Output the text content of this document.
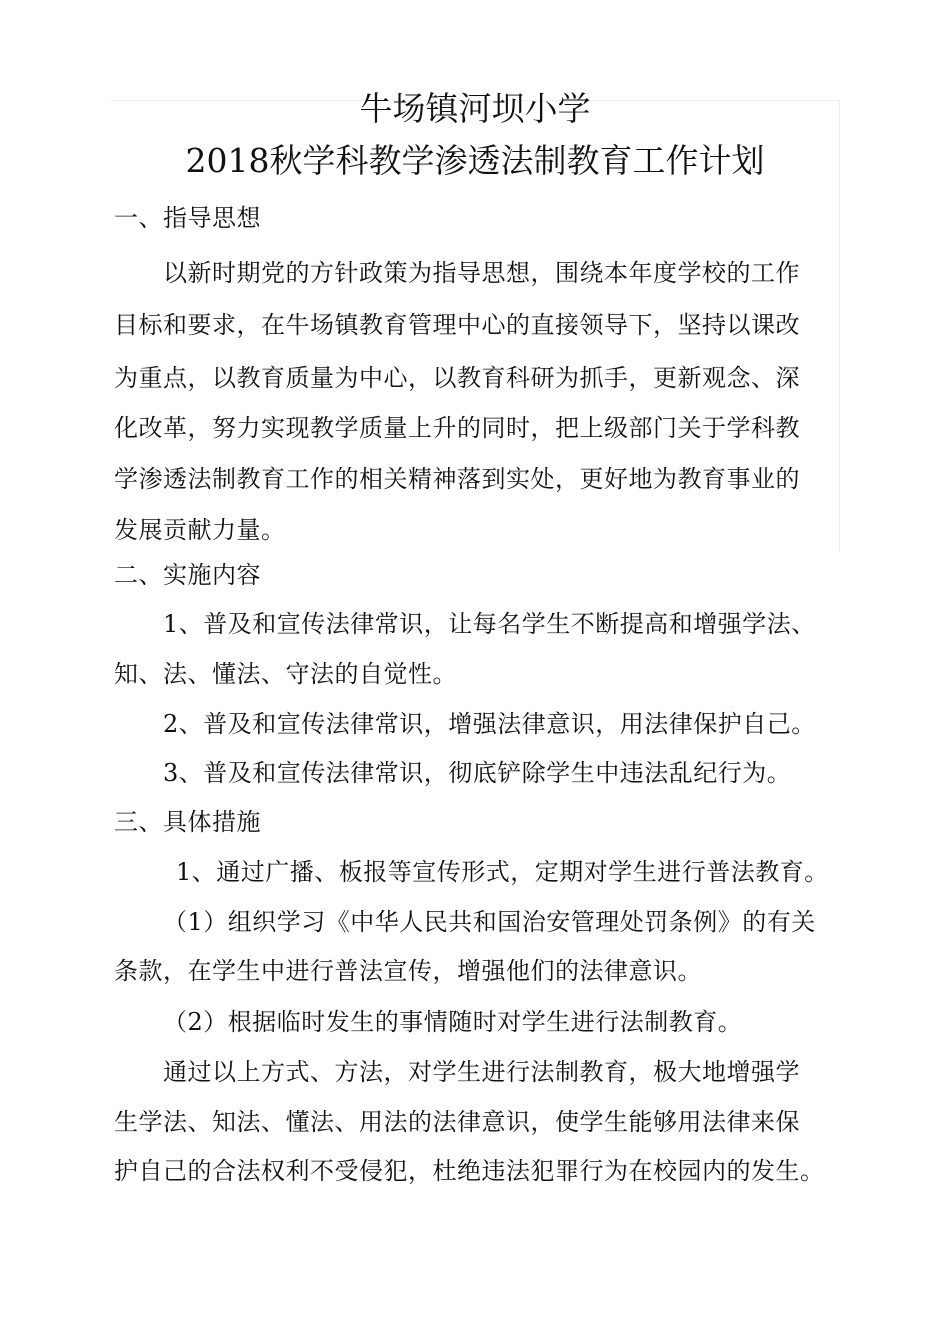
牛场镇河坝小学
2018秋学科教学渗透法制教育工作计划
一、指导思想
以新时期党的方针政策为指导思想，围绕本年度学校的工作
目标和要求，在牛场镇教育管理中心的直接领导下，坚持以课改
为重点，以教育质量为中心，以教育科研为抓手，更新观念、深
化改革，努力实现教学质量上升的同时，把上级部门关于学科教
学渗透法制教育工作的相关精神落到实处，更好地为教育事业的
发展贡献力量。
二、实施内容
1、普及和宣传法律常识，让每名学生不断提高和增强学法、
知、法、懂法、守法的自觉性。
2、普及和宣传法律常识，增强法律意识，用法律保护自己。
3、普及和宣传法律常识，彻底铲除学生中违法乱纪行为。
三、具体措施
1、通过广播、板报等宣传形式，定期对学生进行普法教育。
（1）组织学习《中华人民共和国治安管理处罚条例》的有关
条款，在学生中进行普法宣传，增强他们的法律意识。
（2）根据临时发生的事情随时对学生进行法制教育。
通过以上方式、方法，对学生进行法制教育，极大地增强学
生学法、知法、懂法、用法的法律意识，使学生能够用法律来保
护自己的合法权利不受侵犯，杜绝违法犯罪行为在校园内的发生。
